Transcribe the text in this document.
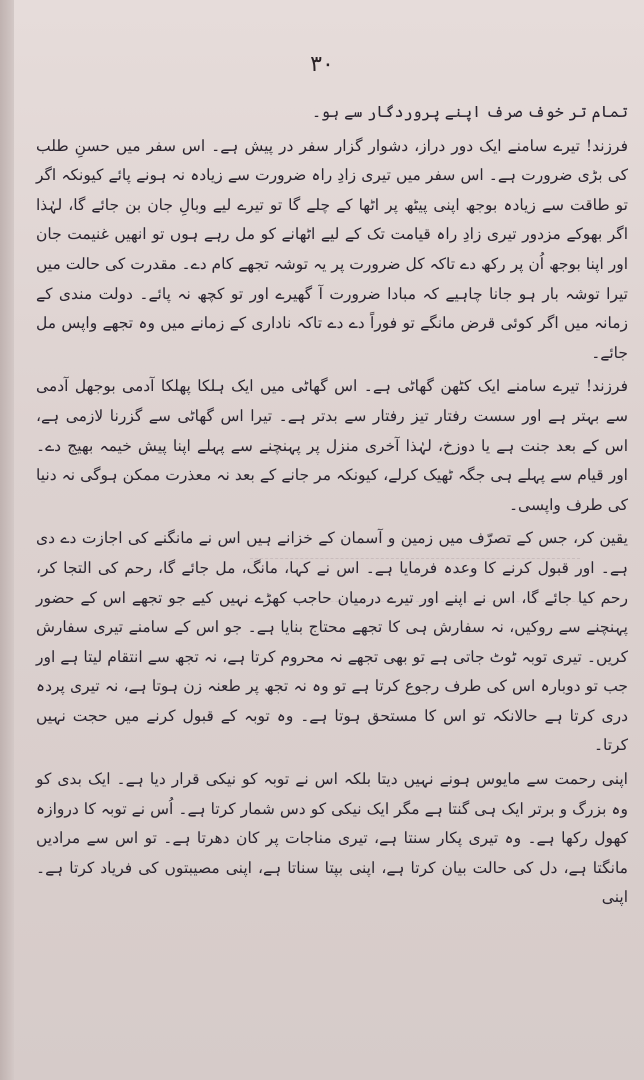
۳۰

تمام تر خوف صرف اپنے پروردگار سے ہو۔

فرزند! تیرے سامنے ایک دور دراز، دشوار گزار سفر در پیش ہے۔ اس سفر میں حسنِ طلب کی بڑی ضرورت ہے۔ اس سفر میں تیری زادِ راہ ضرورت سے زیادہ نہ ہونے پائے کیونکہ اگر تو طاقت سے زیادہ بوجھ اپنی پیٹھ پر اٹھا کے چلے گا تو تیرے لیے وبالِ جان بن جائے گا، لہٰذا اگر بھوکے مزدور تیری زادِ راہ قیامت تک کے لیے اٹھانے کو مل رہے ہوں تو انھیں غنیمت جان اور اپنا بوجھ اُن پر رکھ دے تاکہ کل ضرورت پر یہ توشہ تجھے کام دے۔ مقدرت کی حالت میں تیرا توشہ بار ہو جانا چاہیے کہ مبادا ضرورت آ گھیرے اور تو کچھ نہ پائے۔ دولت مندی کے زمانہ میں اگر کوئی قرض مانگے تو فوراً دے دے تاکہ ناداری کے زمانے میں وہ تجھے واپس مل جائے۔

فرزند! تیرے سامنے ایک کٹھن گھاٹی ہے۔ اس گھاٹی میں ایک ہلکا پھلکا آدمی بوجھل آدمی سے بہتر ہے اور سست رفتار تیز رفتار سے بدتر ہے۔ تیرا اس گھاٹی سے گزرنا لازمی ہے، اس کے بعد جنت ہے یا دوزخ، لہٰذا آخری منزل پر پہنچنے سے پہلے اپنا پیش خیمہ بھیج دے۔ اور قیام سے پہلے ہی جگہ ٹھیک کرلے، کیونکہ مر جانے کے بعد نہ معذرت ممکن ہوگی نہ دنیا کی طرف واپسی۔

یقین کر، جس کے تصرّف میں زمین و آسمان کے خزانے ہیں اس نے مانگنے کی اجازت دے دی ہے۔ اور قبول کرنے کا وعدہ فرمایا ہے۔ اس نے کہا، مانگ، مل جائے گا، رحم کی التجا کر، رحم کیا جائے گا، اس نے اپنے اور تیرے درمیان حاجب کھڑے نہیں کیے جو تجھے اس کے حضور پہنچنے سے روکیں، نہ سفارش ہی کا تجھے محتاج بنایا ہے۔ جو اس کے سامنے تیری سفارش کریں۔ تیری توبہ ٹوٹ جاتی ہے تو بھی تجھے نہ محروم کرتا ہے، نہ تجھ سے انتقام لیتا ہے اور جب تو دوبارہ اس کی طرف رجوع کرتا ہے تو وہ نہ تجھ پر طعنہ زن ہوتا ہے، نہ تیری پردہ دری کرتا ہے حالانکہ تو اس کا مستحق ہوتا ہے۔ وہ توبہ کے قبول کرنے میں حجت نہیں کرتا۔

اپنی رحمت سے مایوس ہونے نہیں دیتا بلکہ اس نے توبہ کو نیکی قرار دیا ہے۔ ایک بدی کو وہ بزرگ و برتر ایک ہی گنتا ہے مگر ایک نیکی کو دس شمار کرتا ہے۔ اُس نے توبہ کا دروازہ کھول رکھا ہے۔ وہ تیری پکار سنتا ہے، تیری مناجات پر کان دھرتا ہے۔ تو اس سے مرادیں مانگتا ہے، دل کی حالت بیان کرتا ہے، اپنی بپتا سناتا ہے، اپنی مصیبتوں کی فریاد کرتا ہے۔ اپنی
